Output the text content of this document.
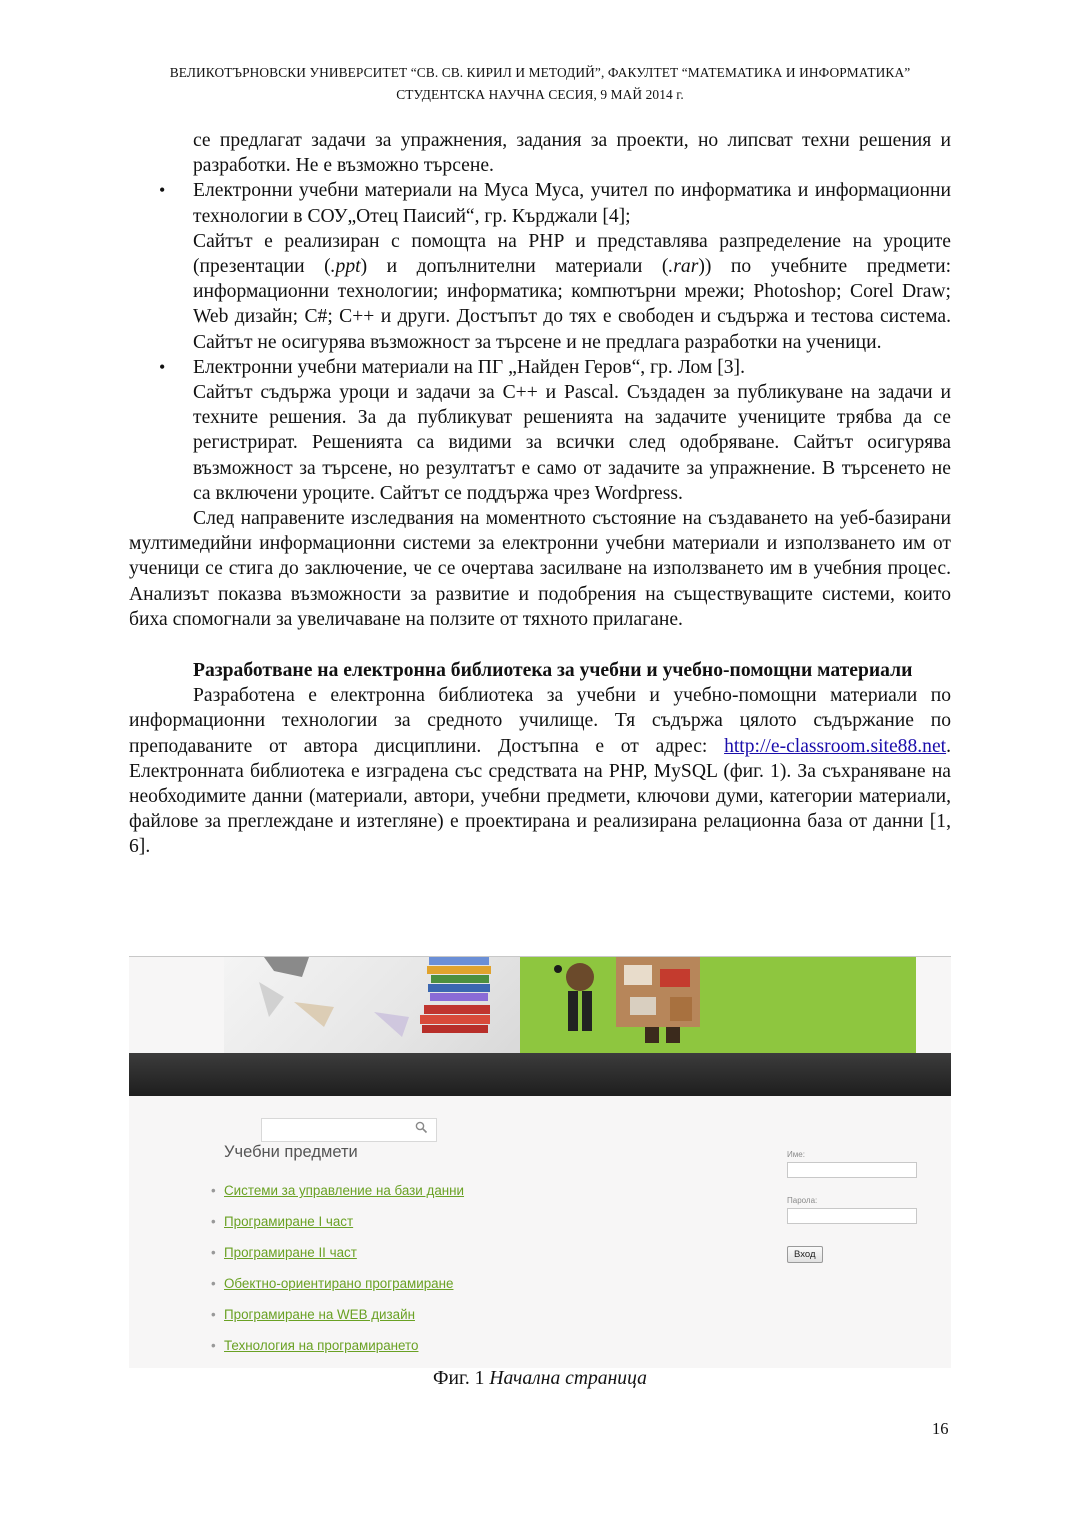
ВЕЛИКОТЪРНОВСКИ УНИВЕРСИТЕТ “СВ. СВ. КИРИЛ И МЕТОДИЙ”, ФАКУЛТЕТ “МАТЕМАТИКА И ИНФОРМАТИКА”
СТУДЕНТСКА НАУЧНА СЕСИЯ, 9 МАЙ 2014 г.

се предлагат задачи за упражнения, задания за проекти, но липсват техни решения и разработки. Не е възможно търсене.

• Електронни учебни материали на Муса Муса, учител по информатика и информационни технологии в СОУ„Отец Паисий“, гр. Кърджали [4];
Сайтът е реализиран с помощта на PHP и представлява разпределение на уроците (презентации (.ppt) и допълнителни материали (.rar)) по учебните предмети: информационни технологии; информатика; компютърни мрежи; Photoshop; Corel Draw; Web дизайн; C#; C++ и други. Достъпът до тях е свободен и съдържа и тестова система. Сайтът не осигурява възможност за търсене и не предлага разработки на ученици.
• Електронни учебни материали на ПГ „Найден Геров“, гр. Лом [3].
Сайтът съдържа уроци и задачи за C++ и Pascal. Създаден за публикуване на задачи и техните решения. За да публикуват решенията на задачите учениците трябва да се регистрират. Решенията са видими за всички след одобряване. Сайтът осигурява възможност за търсене, но резултатът е само от задачите за упражнение. В търсенето не са включени уроците. Сайтът се поддържа чрез Wordpress.

След направените изследвания на моментното състояние на създаването на уеб-базирани мултимедийни информационни системи за електронни учебни материали и използването им от ученици се стига до заключение, че се очертава засилване на използването им в учебния процес. Анализът показва възможности за развитие и подобрения на съществуващите системи, които биха спомогнали за увеличаване на ползите от тяхното прилагане.

Разработване на електронна библиотека за учебни и учебно-помощни материали

Разработена е електронна библиотека за учебни и учебно-помощни материали по информационни технологии за средното училище. Тя съдържа цялото съдържание по преподаваните от автора дисциплини. Достъпна е от адрес: http://e-classroom.site88.net. Електронната библиотека е изградена със средствата на PHP, MySQL (фиг. 1). За съхраняване на необходимите данни (материали, автори, учебни предмети, ключови думи, категории материали, файлове за преглеждане и изтегляне) е проектирана и реализирана релационна база от данни [1, 6].

Учебни предмети
• Системи за управление на бази данни
• Програмиране I част
• Програмиране II част
• Обектно-ориентирано програмиране
• Програмиране на WEB дизайн
• Технология на програмирането
Име:
Парола:
Вход
Фиг. 1 Начална страница
16
